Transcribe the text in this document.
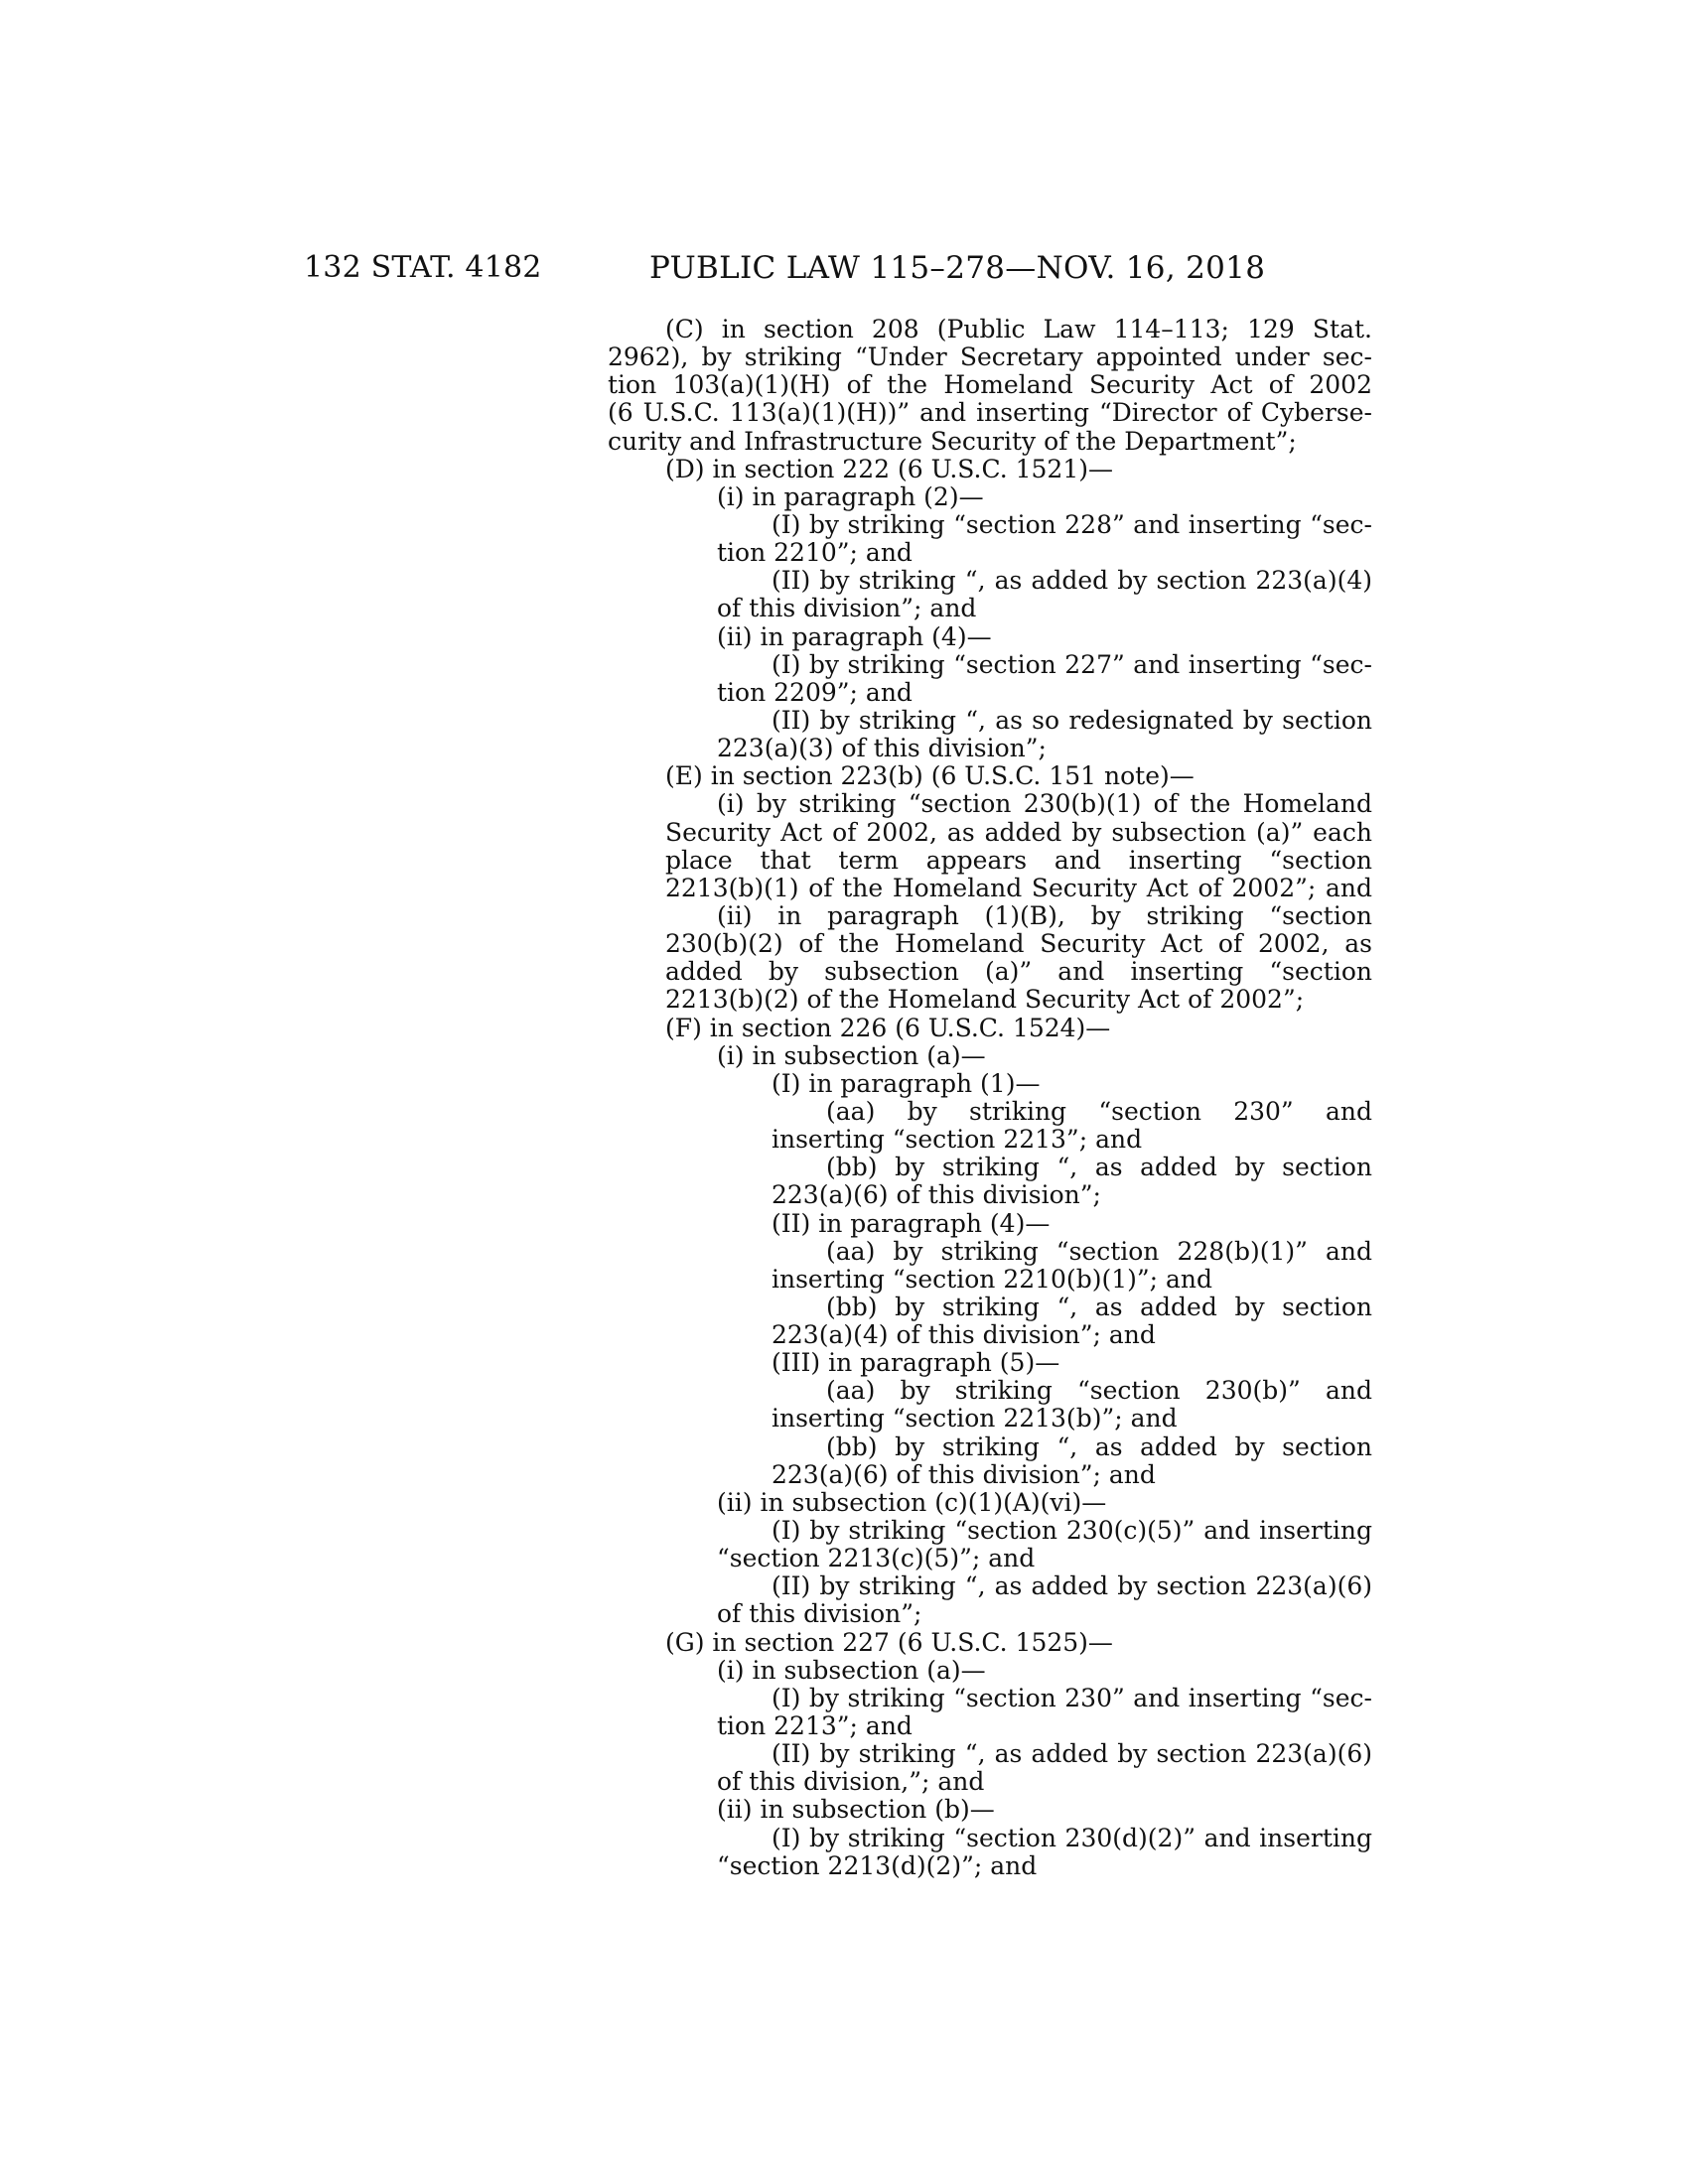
132 STAT. 4182	PUBLIC LAW 115–278—NOV. 16, 2018
(C) in section 208 (Public Law 114–113; 129 Stat.
2962), by striking “Under Secretary appointed under sec-
tion 103(a)(1)(H) of the Homeland Security Act of 2002
(6 U.S.C. 113(a)(1)(H))” and inserting “Director of Cyberse-
curity and Infrastructure Security of the Department”;
(D) in section 222 (6 U.S.C. 1521)—
(i) in paragraph (2)—
(I) by striking “section 228” and inserting “sec-
tion 2210”; and
(II) by striking “, as added by section 223(a)(4)
of this division”; and
(ii) in paragraph (4)—
(I) by striking “section 227” and inserting “sec-
tion 2209”; and
(II) by striking “, as so redesignated by section
223(a)(3) of this division”;
(E) in section 223(b) (6 U.S.C. 151 note)—
(i) by striking “section 230(b)(1) of the Homeland
Security Act of 2002, as added by subsection (a)” each
place that term appears and inserting “section
2213(b)(1) of the Homeland Security Act of 2002”; and
(ii) in paragraph (1)(B), by striking “section
230(b)(2) of the Homeland Security Act of 2002, as
added by subsection (a)” and inserting “section
2213(b)(2) of the Homeland Security Act of 2002”;
(F) in section 226 (6 U.S.C. 1524)—
(i) in subsection (a)—
(I) in paragraph (1)—
(aa) by striking “section 230” and
inserting “section 2213”; and
(bb) by striking “, as added by section
223(a)(6) of this division”;
(II) in paragraph (4)—
(aa) by striking “section 228(b)(1)” and
inserting “section 2210(b)(1)”; and
(bb) by striking “, as added by section
223(a)(4) of this division”; and
(III) in paragraph (5)—
(aa) by striking “section 230(b)” and
inserting “section 2213(b)”; and
(bb) by striking “, as added by section
223(a)(6) of this division”; and
(ii) in subsection (c)(1)(A)(vi)—
(I) by striking “section 230(c)(5)” and inserting
“section 2213(c)(5)”; and
(II) by striking “, as added by section 223(a)(6)
of this division”;
(G) in section 227 (6 U.S.C. 1525)—
(i) in subsection (a)—
(I) by striking “section 230” and inserting “sec-
tion 2213”; and
(II) by striking “, as added by section 223(a)(6)
of this division,”; and
(ii) in subsection (b)—
(I) by striking “section 230(d)(2)” and inserting
“section 2213(d)(2)”; and
